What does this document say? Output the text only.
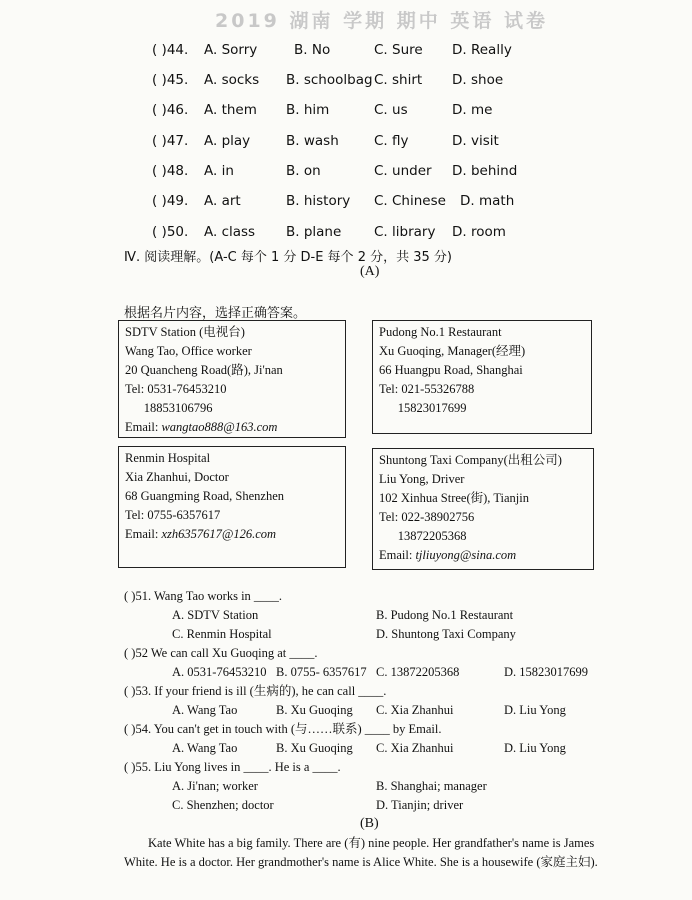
2019 湖南 学期 期中 英语 试卷
( )44. A. Sorry	B. No	C. Sure D. Really
( )45. A. socks B. schoolbag C. shirt D. shoe
( )46. A. them B. him	C. us	D. me
( )47. A. play	B. wash	C. fly	D. visit
( )48. A. in	B. on	C. under D. behind
( )49. A. art	B. history C. Chinese D. math
( )50. A. class B. plane C. library D. room
Ⅳ. 阅读理解。(A-C 每个 1 分 D-E 每个 2 分，共 35 分)
(A)
根据名片内容，选择正确答案。
SDTV Station (电视台)
Wang Tao, Office worker
20 Quancheng Road(路), Ji'nan
Tel: 0531-76453210
18853106796
Email: wangtao888@163.com
Pudong No.1 Restaurant
Xu Guoqing, Manager(经理)
66 Huangpu Road, Shanghai
Tel: 021-55326788
15823017699
Renmin Hospital
Xia Zhanhui, Doctor
68 Guangming Road, Shenzhen
Tel: 0755-6357617
Email: xzh6357617@126.com
Shuntong Taxi Company(出租公司)
Liu Yong, Driver
102 Xinhua Stree(街), Tianjin
Tel: 022-38902756
13872205368
Email: tjliuyong@sina.com
( )51. Wang Tao works in ____.
A. SDTV Station	B. Pudong No.1 Restaurant
C. Renmin Hospital	D. Shuntong Taxi Company
( )52 We can call Xu Guoqing at ____.
A. 0531-76453210 B. 0755- 6357617 C. 13872205368	D. 15823017699
( )53. If your friend is ill (生病的), he can call ____.
A. Wang Tao	B. Xu Guoqing C. Xia Zhanhui	D. Liu Yong
( )54. You can't get in touch with (与……联系) ____ by Email.
A. Wang Tao	B. Xu Guoqing C. Xia Zhanhui	D. Liu Yong
( )55. Liu Yong lives in ____. He is a ____.
A. Ji'nan; worker	B. Shanghai; manager
C. Shenzhen; doctor	D. Tianjin; driver
(B)
Kate White has a big family. There are (有) nine people. Her grandfather's name is James White. He is a doctor. Her grandmother's name is Alice White. She is a housewife (家庭主妇).
